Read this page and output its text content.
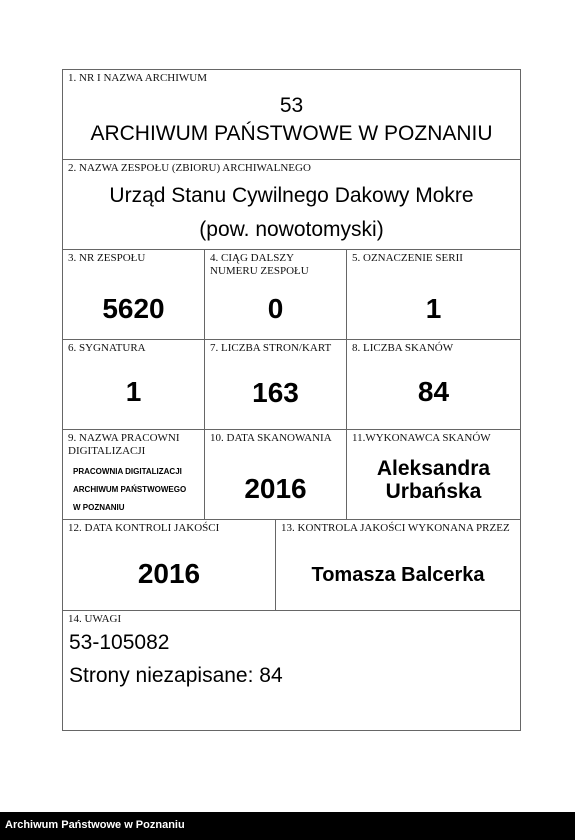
1. NR I NAZWA ARCHIWUM
53
ARCHIWUM PAŃSTWOWE W POZNANIU
2. NAZWA ZESPOŁU (ZBIORU) ARCHIWALNEGO
Urząd Stanu Cywilnego Dakowy Mokre
(pow. nowotomyski)
3. NR ZESPOŁU
5620
4. CIĄG DALSZY NUMERU ZESPOŁU
0
5. OZNACZENIE SERII
1
6. SYGNATURA
1
7. LICZBA STRON/KART
163
8. LICZBA SKANÓW
84
9. NAZWA PRACOWNI DIGITALIZACJI
PRACOWNIA DIGITALIZACJI
ARCHIWUM PAŃSTWOWEGO
W POZNANIU
10. DATA SKANOWANIA
2016
11.WYKONAWCA SKANÓW
Aleksandra
Urbańska
12. DATA KONTROLI JAKOŚCI
2016
13. KONTROLA JAKOŚCI WYKONANA PRZEZ
Tomasza Balcerka
14. UWAGI
53-105082
Strony niezapisane: 84
Archiwum Państwowe w Poznaniu
